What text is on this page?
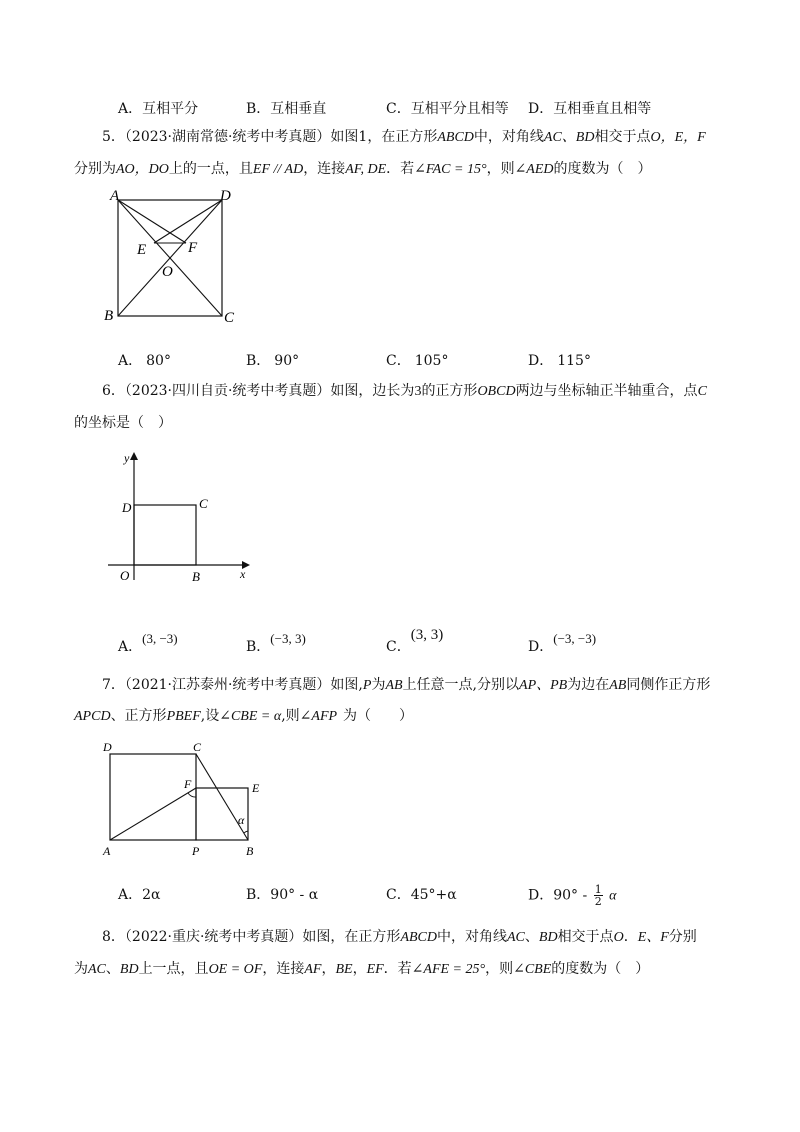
A．互相平分	B．互相垂直	C．互相平分且相等 D．互相垂直且相等
5．（2023·湖南常德·统考中考真题）如图1，在正方形ABCD中，对角线AC、BD相交于点O，E，F
分别为AO，DO上的一点，且EF // AD，连接AF, DE．若∠FAC = 15°，则∠AED的度数为（　）
A	D
B	C
E	F
O
A． 80°	B． 90°	C． 105°	D． 115°
6．（2023·四川自贡·统考中考真题）如图，边长为3的正方形OBCD两边与坐标轴正半轴重合，点C
的坐标是（　）
y
x
D	C
O	B
A．(3, −3)
B．(−3, 3)
C．(3, 3)
D．(−3, −3)
7．（2021·江苏泰州·统考中考真题）如图,P为AB上任意一点,分别以AP、PB为边在AB同侧作正方形
APCD、正方形PBEF,设∠CBE = α,则∠AFP 为（　　）
D	C
E
F
α
A	P	B
A．2α	B．90° - α	C．45°+α	D．$90^\circ - \frac{1}{2}$ α
8．（2022·重庆·统考中考真题）如图，在正方形ABCD中，对角线AC、BD相交于点O．E、F分别
为AC、BD上一点，且OE = OF，连接AF，BE，EF．若∠AFE = 25°，则∠CBE的度数为（　）
